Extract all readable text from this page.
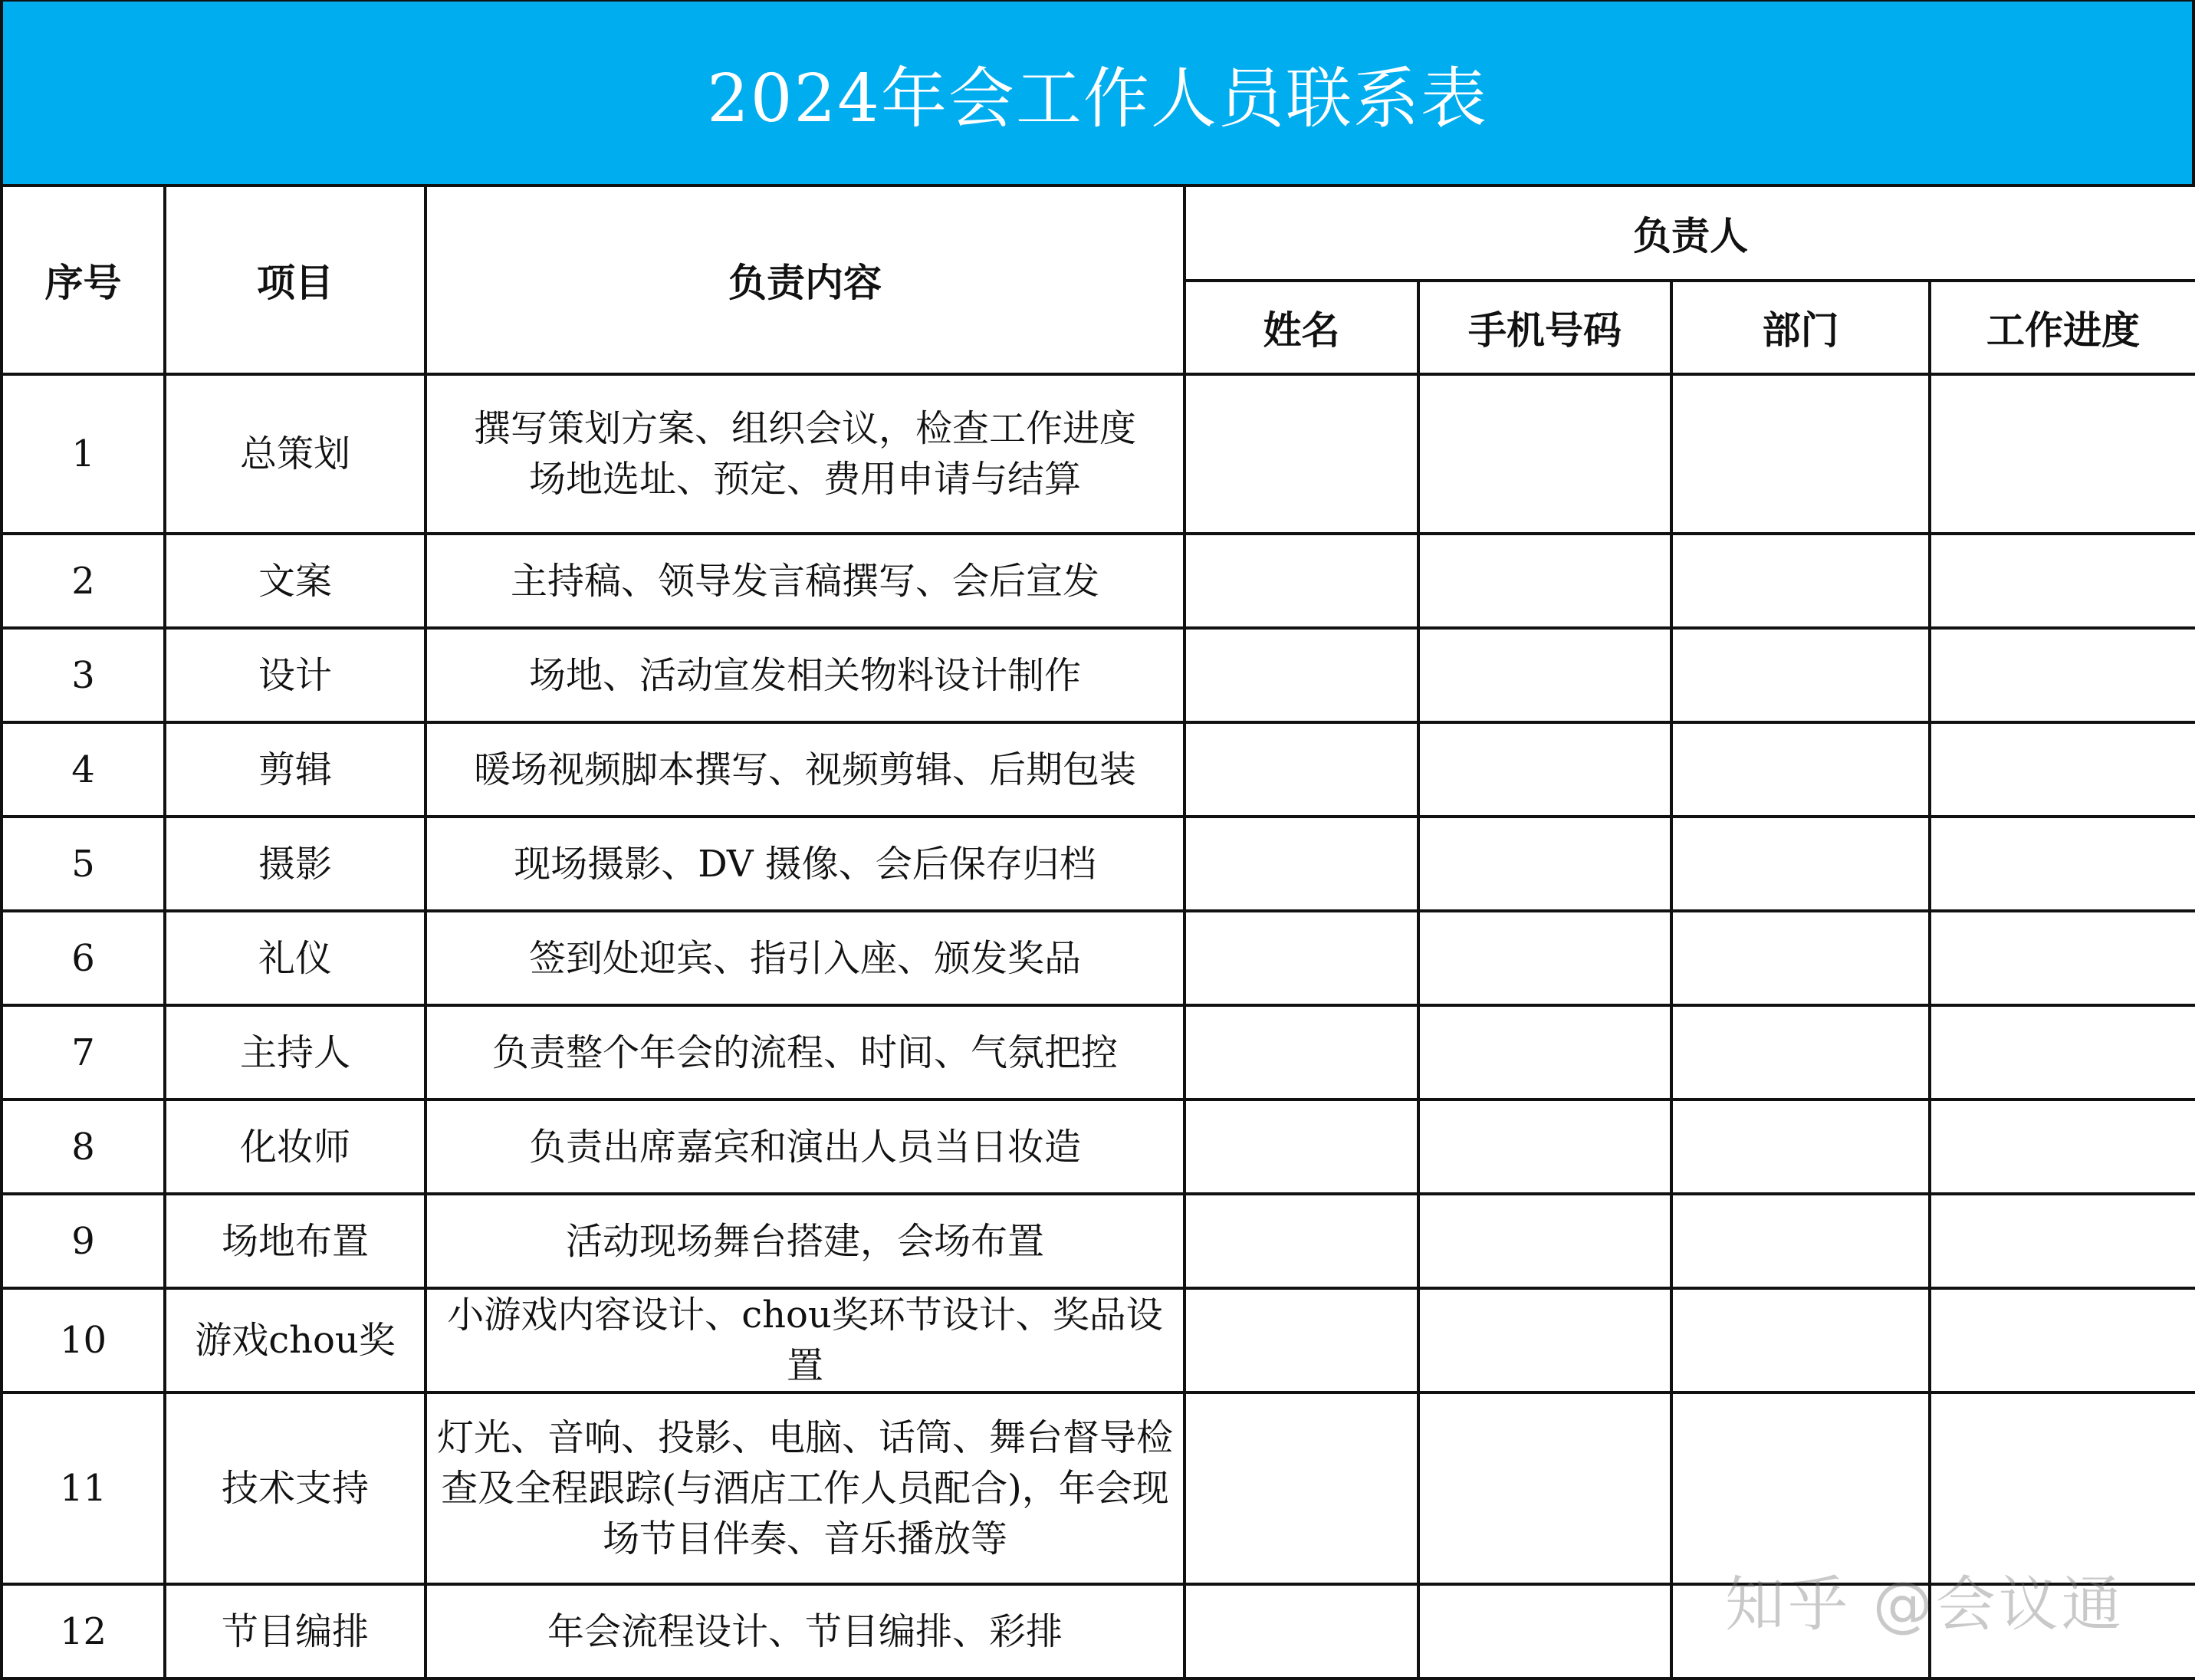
2024年会工作人员联系表
序号	项目	负责内容	负责人			
			姓名	手机号码	部门	工作进度
1	总策划	撰写策划方案、组织会议，检查工作进度
场地选址、预定、费用申请与结算				
2	文案	主持稿、领导发言稿撰写、会后宣发				
3	设计	场地、活动宣发相关物料设计制作				
4	剪辑	暖场视频脚本撰写、视频剪辑、后期包装				
5	摄影	现场摄影、DV 摄像、会后保存归档				
6	礼仪	签到处迎宾、指引入座、颁发奖品				
7	主持人	负责整个年会的流程、时间、气氛把控				
8	化妆师	负责出席嘉宾和演出人员当日妆造				
9	场地布置	活动现场舞台搭建，会场布置				
10	游戏chou奖	小游戏内容设计、chou奖环节设计、奖品设置				
11	技术支持	灯光、音响、投影、电脑、话筒、舞台督导检查及全程跟踪(与酒店工作人员配合)，年会现场节目伴奏、音乐播放等				
12	节目编排	年会流程设计、节目编排、彩排					知乎 @会议通
